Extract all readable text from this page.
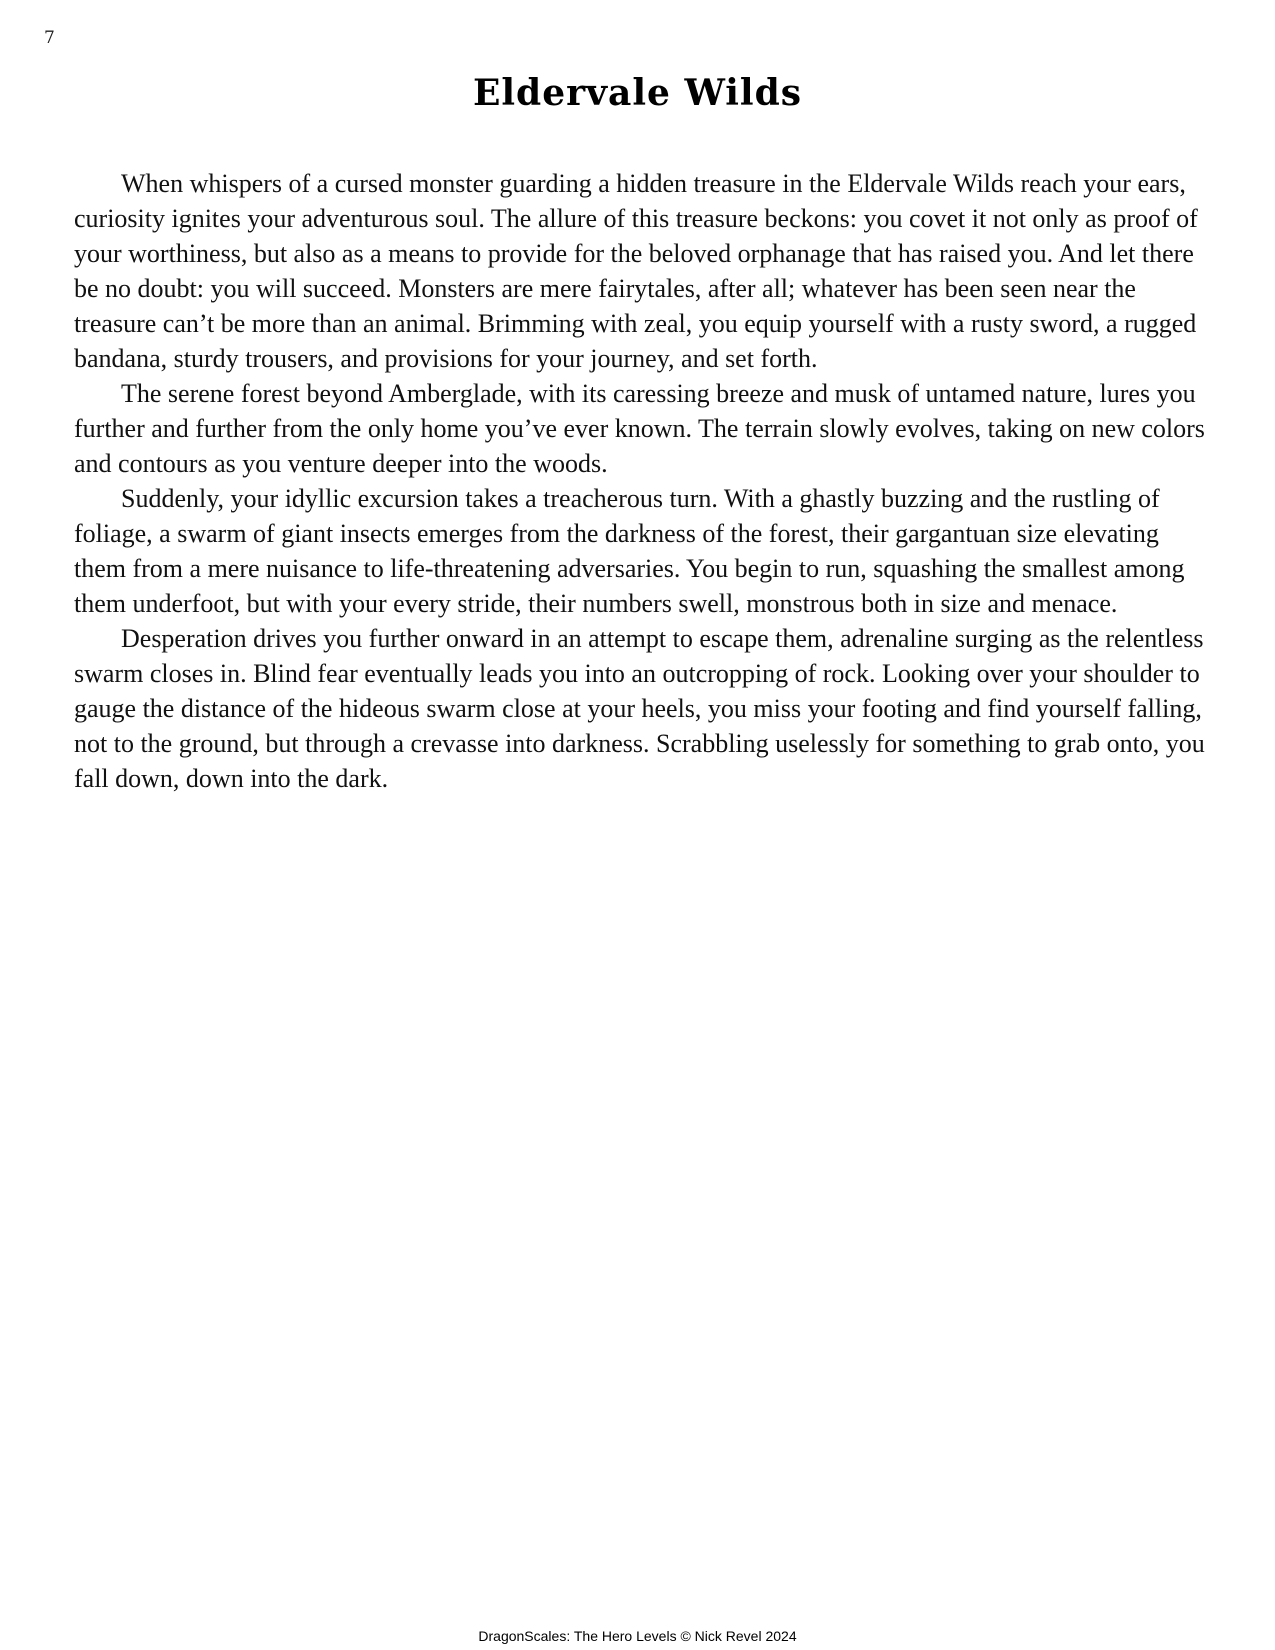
7
Eldervale Wilds

When whispers of a cursed monster guarding a hidden treasure in the Eldervale Wilds reach your ears, curiosity ignites your adventurous soul. The allure of this treasure beckons: you covet it not only as proof of your worthiness, but also as a means to provide for the beloved orphanage that has raised you. And let there be no doubt: you will succeed. Monsters are mere fairytales, after all; whatever has been seen near the treasure can’t be more than an animal. Brimming with zeal, you equip yourself with a rusty sword, a rugged bandana, sturdy trousers, and provisions for your journey, and set forth.

The serene forest beyond Amberglade, with its caressing breeze and musk of untamed nature, lures you further and further from the only home you’ve ever known. The terrain slowly evolves, taking on new colors and contours as you venture deeper into the woods.

Suddenly, your idyllic excursion takes a treacherous turn. With a ghastly buzzing and the rustling of foliage, a swarm of giant insects emerges from the darkness of the forest, their gargantuan size elevating them from a mere nuisance to life-threatening adversaries. You begin to run, squashing the smallest among them underfoot, but with your every stride, their numbers swell, monstrous both in size and menace.

Desperation drives you further onward in an attempt to escape them, adrenaline surging as the relentless swarm closes in. Blind fear eventually leads you into an outcropping of rock. Looking over your shoulder to gauge the distance of the hideous swarm close at your heels, you miss your footing and find yourself falling, not to the ground, but through a crevasse into darkness. Scrabbling uselessly for something to grab onto, you fall down, down into the dark.

DragonScales: The Hero Levels © Nick Revel 2024
